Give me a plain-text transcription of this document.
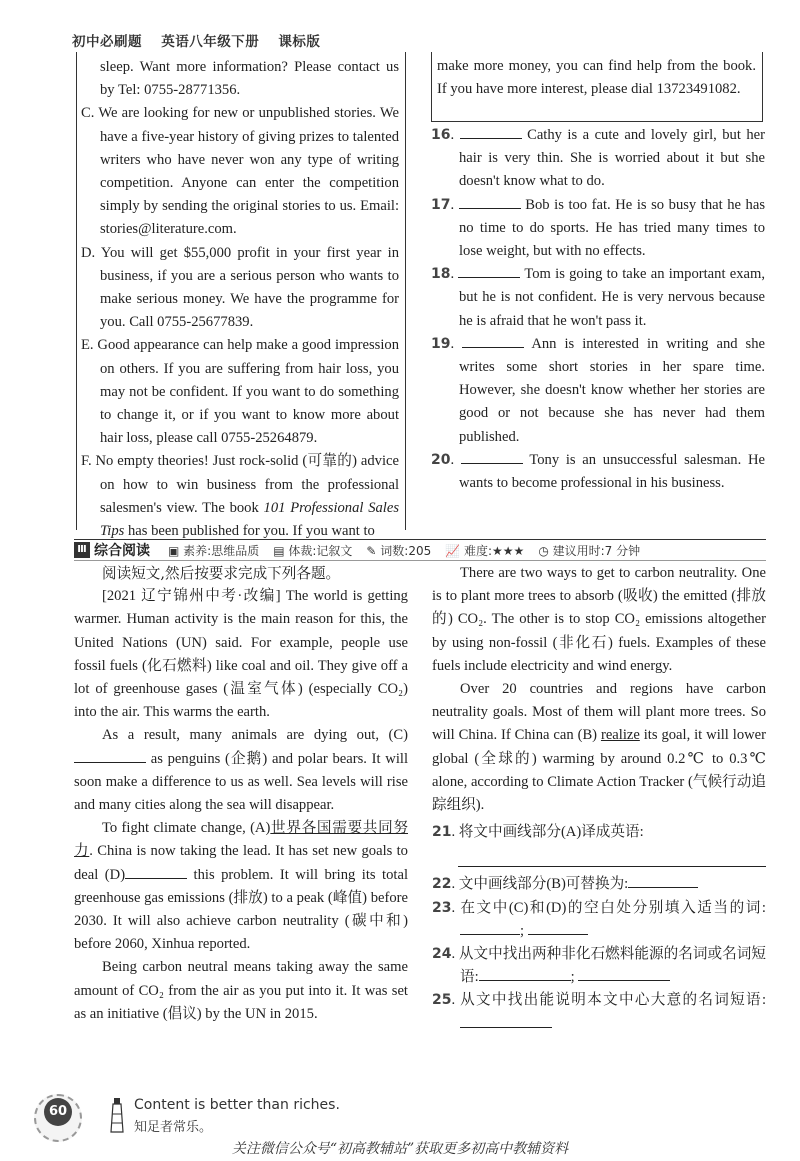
初中必刷题 英语八年级下册 课标版

sleep. Want more information? Please contact us by Tel: 0755-28771356.

C. We are looking for new or unpublished stories. We have a five-year history of giving prizes to talented writers who have never won any type of writing competition. Anyone can enter the competition simply by sending the original stories to us. Email: stories@literature.com.

D. You will get $55,000 profit in your first year in business, if you are a serious person who wants to make serious money. We have the programme for you. Call 0755-25677839.

E. Good appearance can help make a good impression on others. If you are suffering from hair loss, you may not be confident. If you want to do something to change it, or if you want to know more about hair loss, please call 0755-25264879.

F. No empty theories! Just rock-solid (可靠的) advice on how to win business from the professional salesmen's view. The book 101 Professional Sales Tips has been published for you. If you want to

make more money, you can find help from the book. If you have more interest, please dial 13723491082.

16.	Cathy is a cute and lovely girl, but her hair is very thin. She is worried about it but she doesn't know what to do.

17.	Bob is too fat. He is so busy that he has no time to do sports. He has tried many times to lose weight, but with no effects.

18.	Tom is going to take an important exam, but he is not confident. He is very nervous because he is afraid that he won't pass it.

19.	Ann is interested in writing and she writes some short stories in her spare time. However, she doesn't know whether her stories are good or not because she has never had them published.

20.	Tony is an unsuccessful salesman. He wants to become professional in his business.

Ⅲ 综合阅读 ▣ 素养:思维品质 ▤ 体裁:记叙文 ✎ 词数:205 📈 难度:★★★ ◷ 建议用时:7 分钟

阅读短文,然后按要求完成下列各题。

[2021 辽宁锦州中考·改编] The world is getting warmer. Human activity is the main reason for this, the United Nations (UN) said. For example, people use fossil fuels (化石燃料) like coal and oil. They give off a lot of greenhouse gases (温室气体) (especially CO₂) into the air. This warms the earth.

As a result, many animals are dying out, (C) as penguins (企鹅) and polar bears. It will soon make a difference to us as well. Sea levels will rise and many cities along the sea will disappear.

To fight climate change, (A)世界各国需要共同努力. China is now taking the lead. It has set new goals to deal (D)	this problem. It will bring its total greenhouse gas emissions (排放) to a peak (峰值) before 2030. It will also achieve carbon neutrality (碳中和) before 2060, Xinhua reported.

Being carbon neutral means taking away the same amount of CO₂ from the air as you put into it. It was set as an initiative (倡议) by the UN in 2015.

There are two ways to get to carbon neutrality. One is to plant more trees to absorb (吸收) the emitted (排放的) CO₂. The other is to stop CO₂ emissions altogether by using non-fossil (非化石) fuels. Examples of these fuels include electricity and wind energy.

Over 20 countries and regions have carbon neutrality goals. Most of them will plant more trees. So will China. If China can (B) realize its goal, it will lower global (全球的) warming by around 0.2℃ to 0.3℃ alone, according to Climate Action Tracker (气候行动追踪组织).

21. 将文中画线部分(A)译成英语:

22. 文中画线部分(B)可替换为:

23. 在文中(C)和(D)的空白处分别填入适当的词:;

24. 从文中找出两种非化石燃料能源的名词或名词短语:	;

25. 从文中找出能说明本文中心大意的名词短语:

60	Content is better than riches.
知足者常乐。
关注微信公众号“初高教辅站”获取更多初高中教辅资料
